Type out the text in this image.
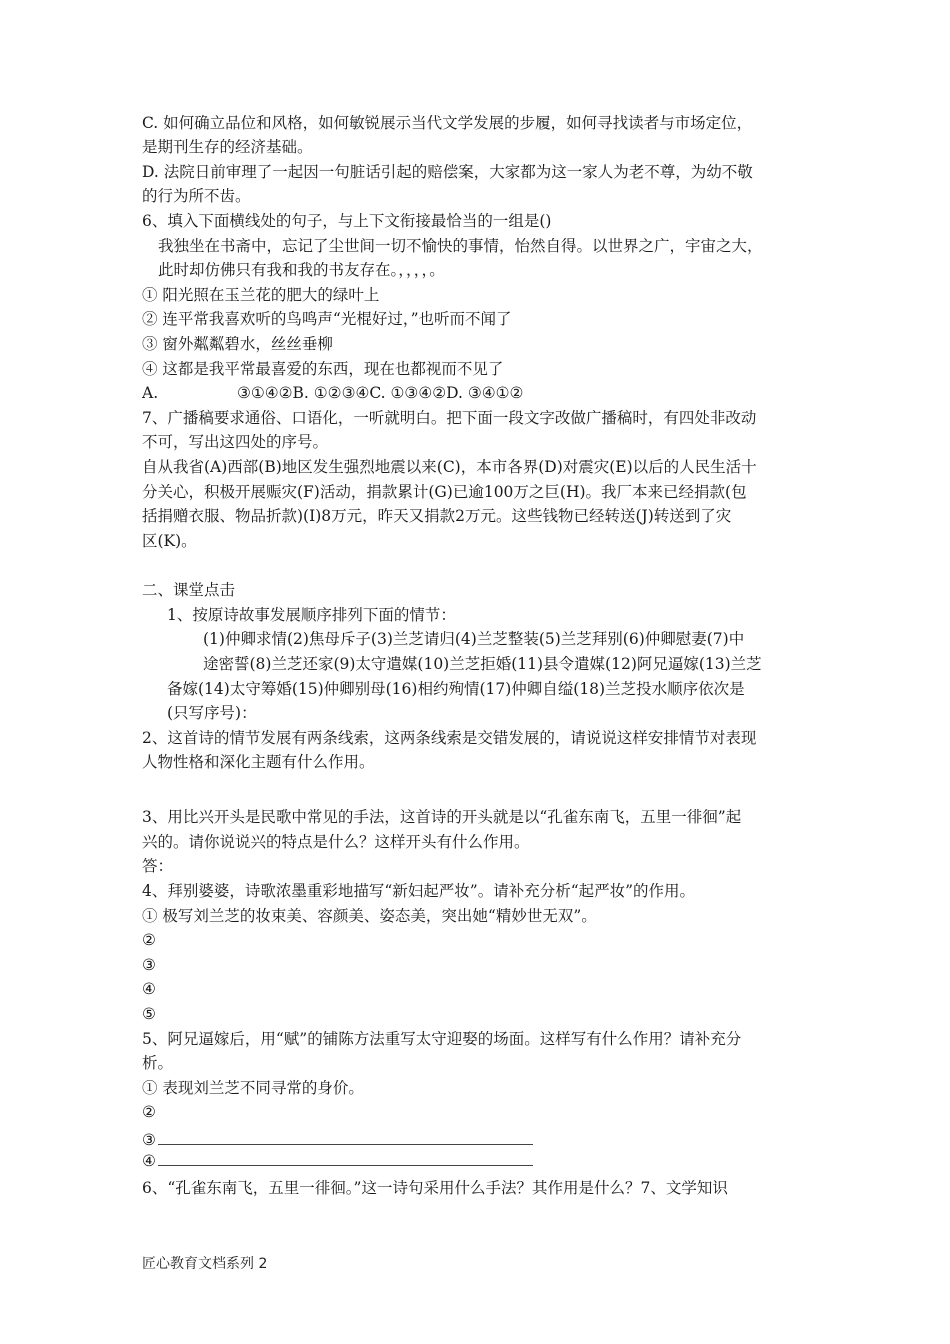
C. 如何确立品位和风格，如何敏锐展示当代文学发展的步履，如何寻找读者与市场定位，

是期刊生存的经济基础。

D. 法院日前审理了一起因一句脏话引起的赔偿案，大家都为这一家人为老不尊，为幼不敬

的行为所不齿。

6、填入下面横线处的句子，与上下文衔接最恰当的一组是()

我独坐在书斋中，忘记了尘世间一切不愉快的事情，怡然自得。以世界之广，宇宙之大，

此时却仿佛只有我和我的书友存在。，，，，。

① 阳光照在玉兰花的肥大的绿叶上

② 连平常我喜欢听的鸟鸣声“光棍好过，”也听而不闻了

③ 窗外粼粼碧水，丝丝垂柳

④ 这都是我平常最喜爱的东西，现在也都视而不见了

A.                ③①④②B. ①②③④C. ①③④②D. ③④①②

7、广播稿要求通俗、口语化，一听就明白。把下面一段文字改做广播稿时，有四处非改动

不可，写出这四处的序号。

自从我省(A)西部(B)地区发生强烈地震以来(C)，本市各界(D)对震灾(E)以后的人民生活十

分关心，积极开展赈灾(F)活动，捐款累计(G)已逾100万之巨(H)。我厂本来已经捐款(包

括捐赠衣服、物品折款)(I)8万元，昨天又捐款2万元。这些钱物已经转送(J)转送到了灾

区(K)。

二、课堂点击

1、按原诗故事发展顺序排列下面的情节：

(1)仲卿求情(2)焦母斥子(3)兰芝请归(4)兰芝整装(5)兰芝拜别(6)仲卿慰妻(7)中

途密誓(8)兰芝还家(9)太守遣媒(10)兰芝拒婚(11)县令遣媒(12)阿兄逼嫁(13)兰芝

备嫁(14)太守筹婚(15)仲卿别母(16)相约殉情(17)仲卿自缢(18)兰芝投水顺序依次是

(只写序号)：

2、这首诗的情节发展有两条线索，这两条线索是交错发展的，请说说这样安排情节对表现

人物性格和深化主题有什么作用。

3、用比兴开头是民歌中常见的手法，这首诗的开头就是以“孔雀东南飞，五里一徘徊”起

兴的。请你说说兴的特点是什么？这样开头有什么作用。

答：

4、拜别婆婆，诗歌浓墨重彩地描写“新妇起严妆”。请补充分析“起严妆”的作用。

① 极写刘兰芝的妆束美、容颜美、姿态美，突出她“精妙世无双”。

②

③

④

⑤

5、阿兄逼嫁后，用“赋”的铺陈方法重写太守迎娶的场面。这样写有什么作用？请补充分

析。

① 表现刘兰芝不同寻常的身价。

②

③

④

6、“孔雀东南飞，五里一徘徊。”这一诗句采用什么手法？其作用是什么？7、文学知识

匠心教育文档系列 2
